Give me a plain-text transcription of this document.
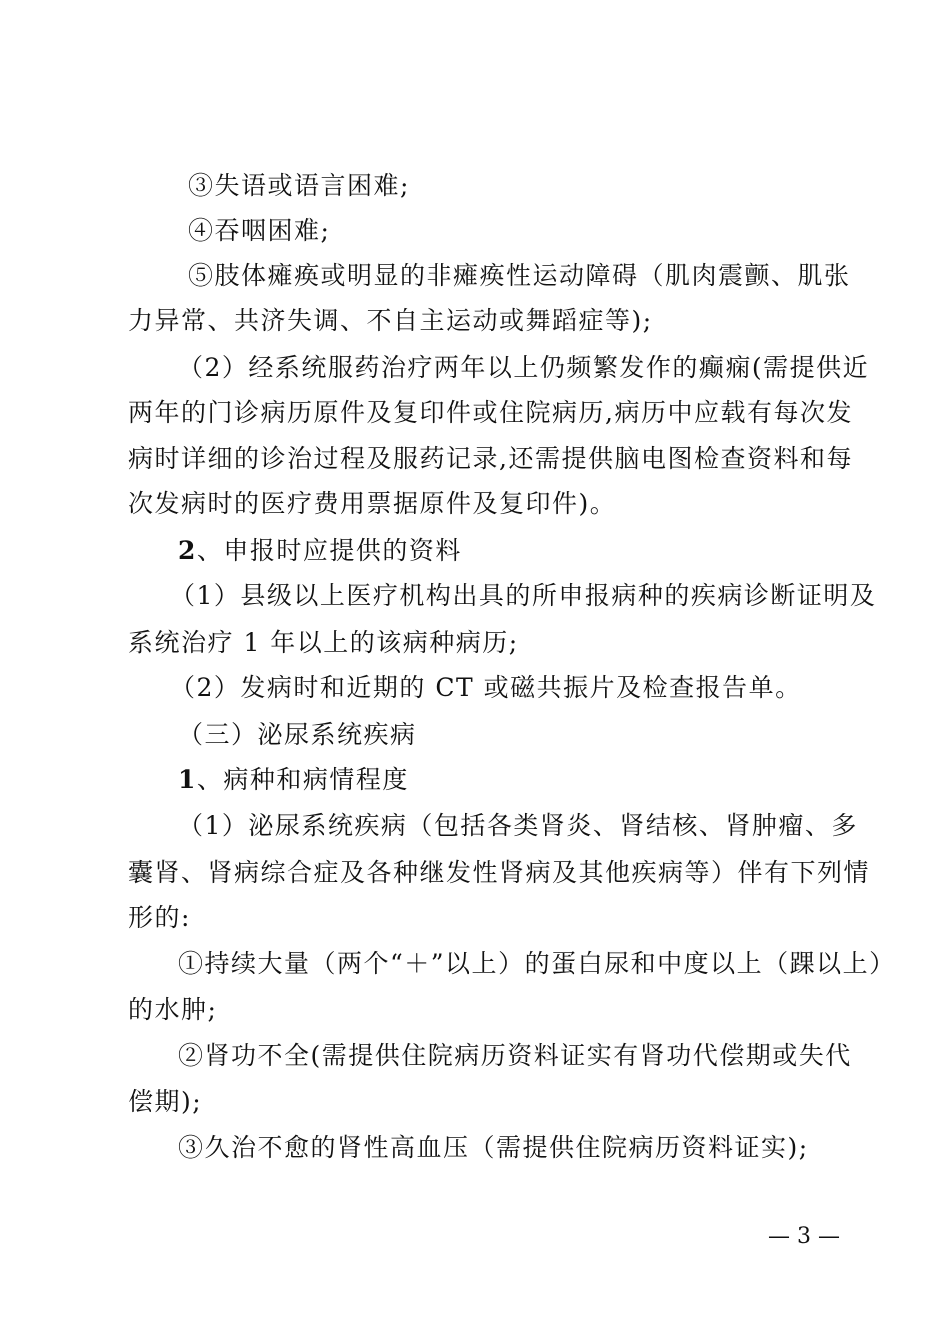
③失语或语言困难;
④吞咽困难;
⑤肢体瘫痪或明显的非瘫痪性运动障碍（肌肉震颤、肌张
力异常、共济失调、不自主运动或舞蹈症等);
（2）经系统服药治疗两年以上仍频繁发作的癫痫(需提供近
两年的门诊病历原件及复印件或住院病历,病历中应载有每次发
病时详细的诊治过程及服药记录,还需提供脑电图检查资料和每
次发病时的医疗费用票据原件及复印件)。
2、申报时应提供的资料
（1）县级以上医疗机构出具的所申报病种的疾病诊断证明及
系统治疗 1 年以上的该病种病历;
（2）发病时和近期的 CT 或磁共振片及检查报告单。
（三）泌尿系统疾病
1、病种和病情程度
（1）泌尿系统疾病（包括各类肾炎、肾结核、肾肿瘤、多
囊肾、肾病综合症及各种继发性肾病及其他疾病等）伴有下列情
形的:
①持续大量（两个“＋”以上）的蛋白尿和中度以上（踝以上）
的水肿;
②肾功不全(需提供住院病历资料证实有肾功代偿期或失代
偿期);
③久治不愈的肾性高血压（需提供住院病历资料证实);
— 3 —
